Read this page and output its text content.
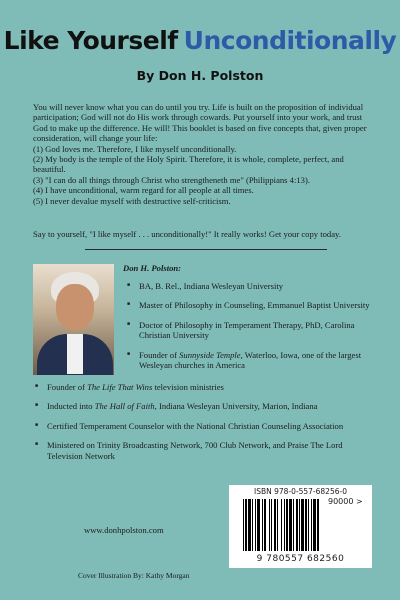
Like Yourself Unconditionally
By Don H. Polston

You will never know what you can do until you try. Life is built on the proposition of individual participation; God will not do His work through cowards. Put yourself into your work, and trust God to make up the difference. He will! This booklet is based on five concepts that, given proper consideration, will change your life:

(1) God loves me. Therefore, I like myself unconditionally.

(2) My body is the temple of the Holy Spirit. Therefore, it is whole, complete, perfect, and beautiful.

(3) "I can do all things through Christ who strengtheneth me" (Philippians 4:13).

(4) I have unconditional, warm regard for all people at all times.

(5) I never devalue myself with destructive self-criticism.

Say to yourself, "I like myself . . . unconditionally!" It really works! Get your copy today.
Don H. Polston:
■ BA, B. Rel., Indiana Wesleyan University
■ Master of Philosophy in Counseling, Emmanuel Baptist University
■ Doctor of Philosophy in Temperament Therapy, PhD, Carolina Christian University
■ Founder of Sunnyside Temple, Waterloo, Iowa, one of the largest Wesleyan churches in America
■ Founder of The Life That Wins television ministries
■ Inducted into The Hall of Faith, Indiana Wesleyan University, Marion, Indiana
■ Certified Temperament Counselor with the National Christian Counseling Association
■ Ministered on Trinity Broadcasting Network, 700 Club Network, and Praise The Lord Television Network
ISBN 978-0-557-68256-0
90000 >
9 780557 682560
www.donhpolston.com
Cover Illustration By: Kathy Morgan
